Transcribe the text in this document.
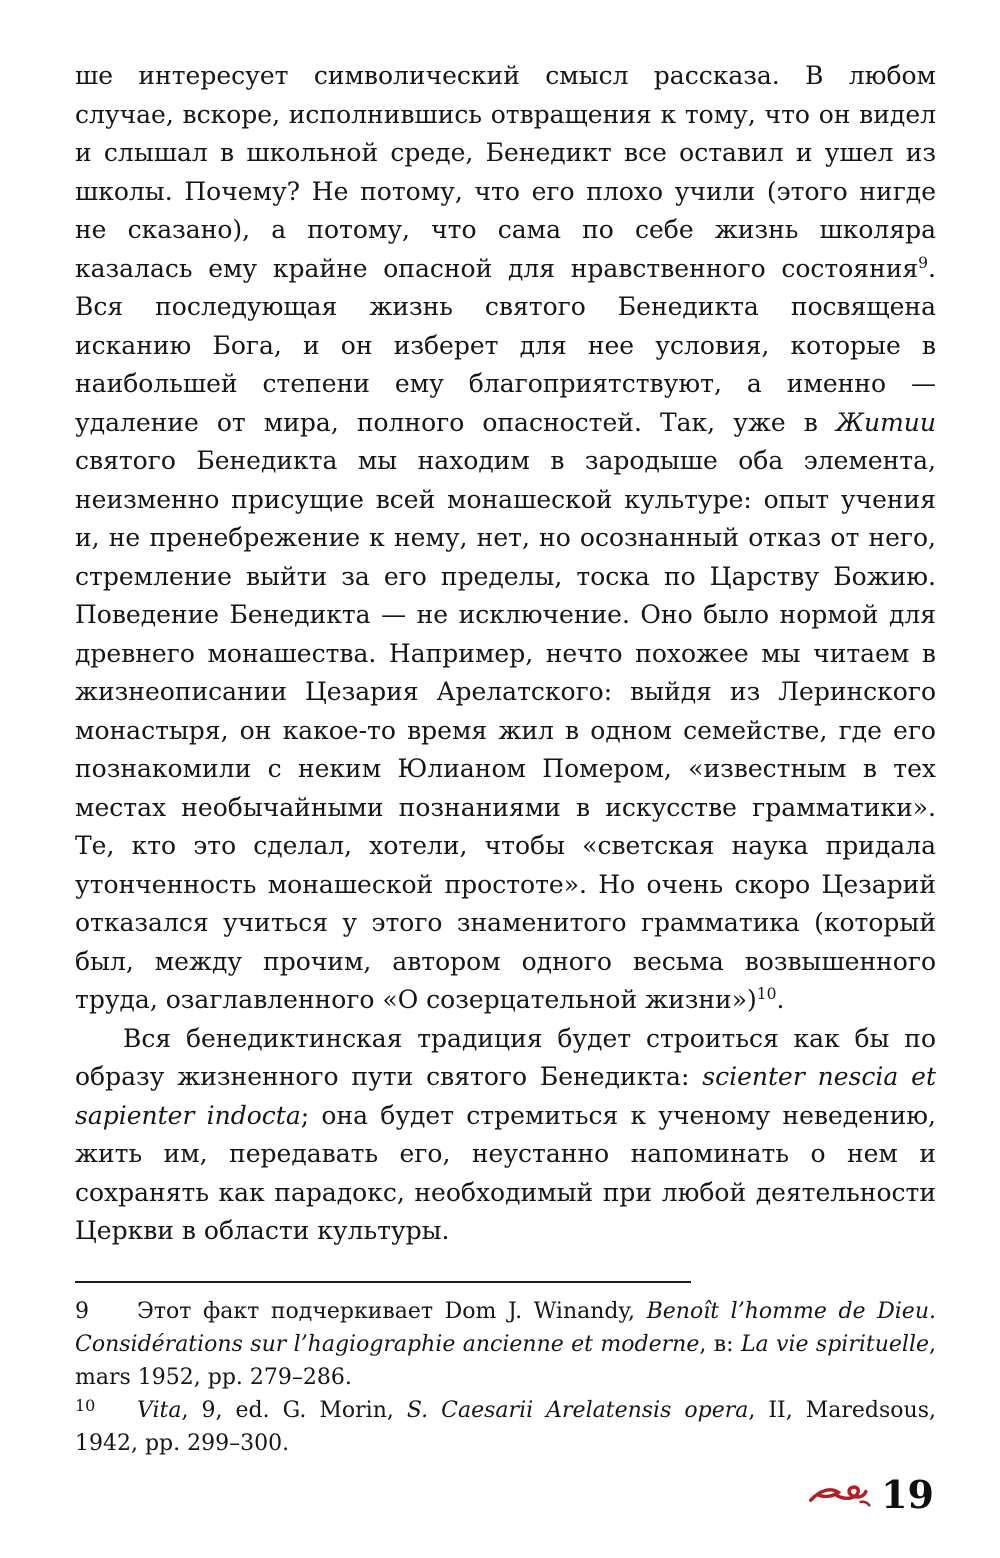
ше интересует символический смысл рассказа. В любом случае, вскоре, исполнившись отвращения к тому, что он видел и слышал в школьной среде, Бенедикт все оставил и ушел из школы. Почему? Не потому, что его плохо учили (этого нигде не сказано), а потому, что сама по себе жизнь школяра казалась ему крайне опасной для нравственного состояния$^9$. Вся последующая жизнь святого Бенедикта посвящена исканию Бога, и он изберет для нее условия, которые в наибольшей степени ему благоприятствуют, а именно — удаление от мира, полного опасностей. Так, уже в Житии святого Бенедикта мы находим в зародыше оба элемента, неизменно присущие всей монашеской культуре: опыт учения и, не пренебрежение к нему, нет, но осознанный отказ от него, стремление выйти за его пределы, тоска по Царству Божию. Поведение Бенедикта — не исключение. Оно было нормой для древнего монашества. Например, нечто похожее мы читаем в жизнеописании Цезария Арелатского: выйдя из Леринского монастыря, он какое-то время жил в одном семействе, где его познакомили с неким Юлианом Помером, «известным в тех местах необычайными познаниями в искусстве грамматики». Те, кто это сделал, хотели, чтобы «светская наука придала утонченность монашеской простоте». Но очень скоро Цезарий отказался учиться у этого знаменитого грамматика (который был, между прочим, автором одного весьма возвышенного труда, озаглавленного «О созерцательной жизни»)$^{10}$.

Вся бенедиктинская традиция будет строиться как бы по образу жизненного пути святого Бенедикта: scienter nescia et sapienter indocta; она будет стремиться к ученому неведению, жить им, передавать его, неустанно напоминать о нем и сохранять как парадокс, необходимый при любой деятельности Церкви в области культуры.

9 Этот факт подчеркивает Dom J. Winandy, Benoît l’homme de Dieu. Considérations sur l’hagiographie ancienne et moderne, в: La vie spirituelle, mars 1952, pp. 279–286.

10 Vita, 9, ed. G. Morin, S. Caesarii Arelatensis opera, II, Maredsous, 1942, pp. 299–300.

19
